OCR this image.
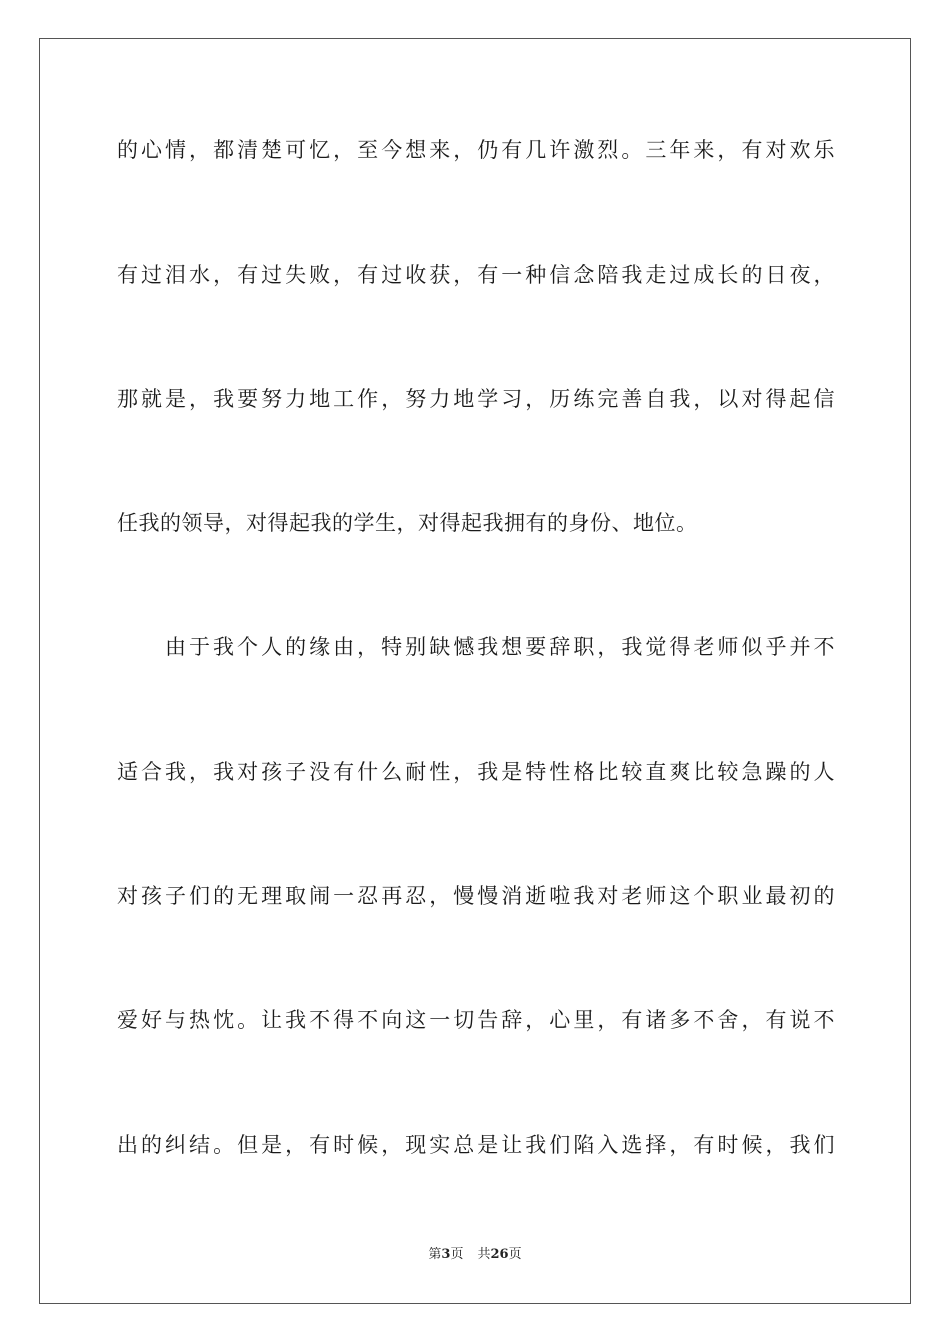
的心情，都清楚可忆，至今想来，仍有几许激烈。三年来，有对欢乐
有过泪水，有过失败，有过收获，有一种信念陪我走过成长的日夜，
那就是，我要努力地工作，努力地学习，历练完善自我，以对得起信
任我的领导，对得起我的学生，对得起我拥有的身份、地位。
由于我个人的缘由，特别缺憾我想要辞职，我觉得老师似乎并不
适合我，我对孩子没有什么耐性，我是特性格比较直爽比较急躁的人
对孩子们的无理取闹一忍再忍，慢慢消逝啦我对老师这个职业最初的
爱好与热忱。让我不得不向这一切告辞，心里，有诸多不舍，有说不
出的纠结。但是，有时候，现实总是让我们陷入选择，有时候，我们
第3页 共26页
